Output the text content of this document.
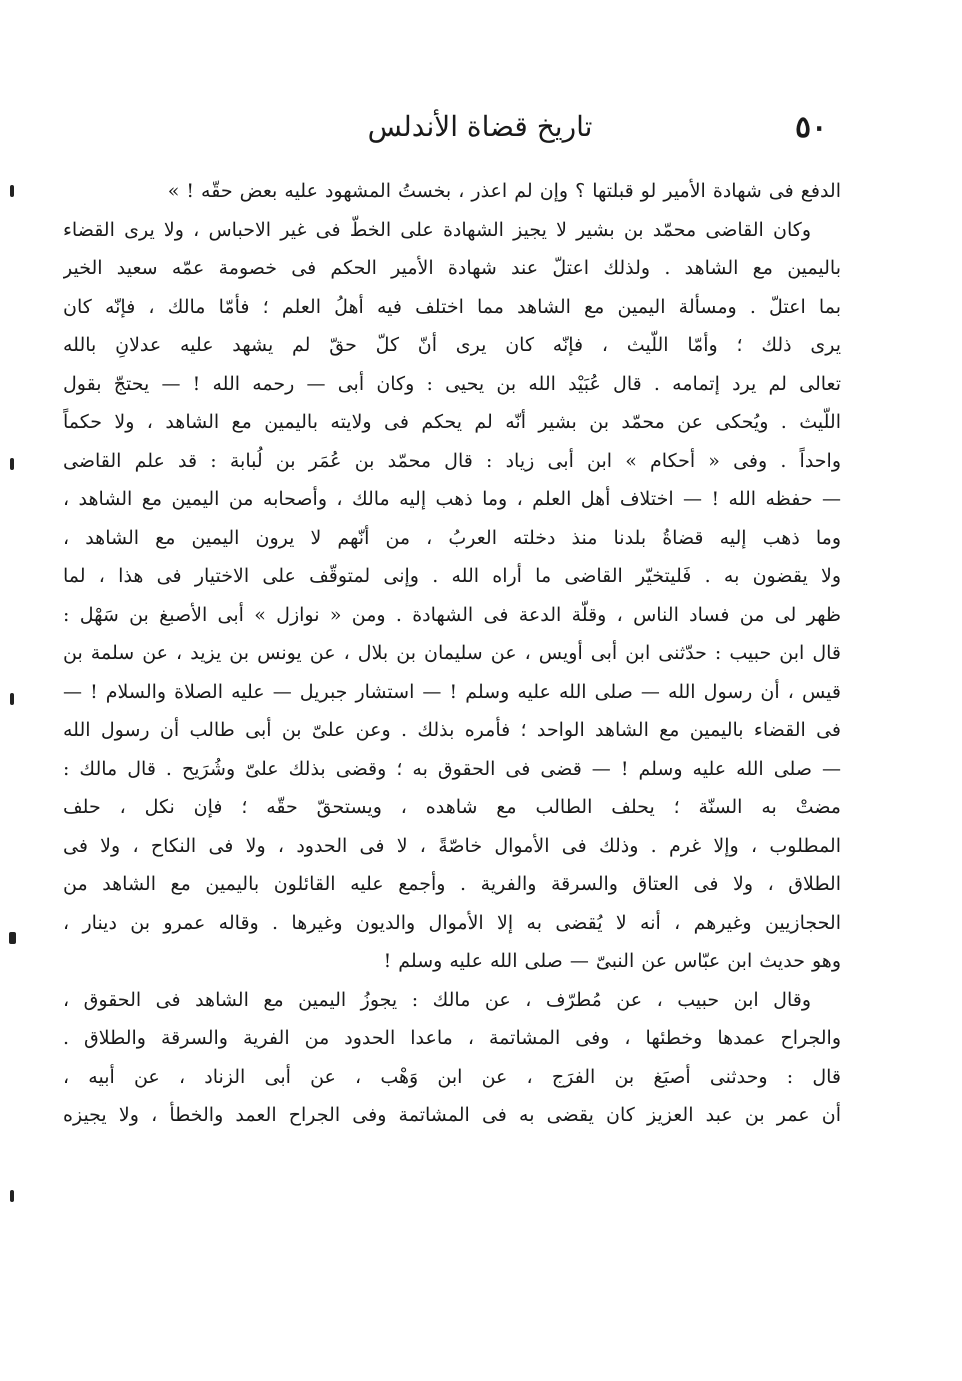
٥٠
تاريخ قضاة الأندلس
الدفع فى شهادة الأمير لو قبلتها ؟ وإن لم اعذر ، بخستُ المشهود عليه بعض حقّه ! »
وكان القاضى محمّد بن بشير لا يجيز الشهادة على الخطّ فى غير الاحباس ، ولا يرى القضاء
باليمين مع الشاهد . ولذلك اعتلّ عند شهادة الأمير الحكم فى خصومة عمّه سعيد الخير
بما اعتلّ . ومسألة اليمين مع الشاهد مما اختلف فيه أهلُ العلم ؛ فأمّا مالك ، فإنّه كان
يرى ذلك ؛ وأمّا اللّيث ، فإنّه كان يرى أنّ كلّ حقّ لم يشهد عليه عدلانِ بالله
تعالى لم يرد إتمامه . قال عُبَيْد الله بن يحيى : وكان أبى — رحمه الله ! — يحتجّ بقول
اللّيث . ويُحكى عن محمّد بن بشير أنّه لم يحكم فى ولايته باليمين مع الشاهد ، ولا حكماً
واحداً . وفى « أحكام » ابن أبى زياد : قال محمّد بن عُمَر بن لُبابة : قد علم القاضى
— حفظه الله ! — اختلاف أهل العلم ، وما ذهب إليه مالك ، وأصحابه من اليمين مع الشاهد ،
وما ذهب إليه قضاةُ بلدنا منذ دخلته العربُ ، من أنّهم لا يرون اليمين مع الشاهد ،
ولا يقضون به . فَليتخيّر القاضى ما أراه الله . وإنى لمتوقّف على الاختيار فى هذا ، لما
ظهر لى من فساد الناس ، وقلّة الدعة فى الشهادة . ومن « نوازل » أبى الأصبغ بن سَهْل :
قال ابن حبيب : حدّثنى ابن أبى أويس ، عن سليمان بن بلال ، عن يونس بن يزيد ، عن سلمة بن
قيس ، أن رسول الله — صلى الله عليه وسلم ! — استشار جبريل — عليه الصلاة والسلام ! —
فى القضاء باليمين مع الشاهد الواحد ؛ فأمره بذلك . وعن علىّ بن أبى طالب أن رسول الله
— صلى الله عليه وسلم ! — قضى فى الحقوق به ؛ وقضى بذلك علىّ وشُرَيح . قال مالك :
مضتْ به السنّة ؛ يحلف الطالب مع شاهده ، ويستحقّ حقّه ؛ فإن نكل ، حلف
المطلوب ، وإلا غرم . وذلك فى الأموال خاصّةً ، لا فى الحدود ، ولا فى النكاح ، ولا فى
الطلاق ، ولا فى العتاق والسرقة والفرية . وأجمع عليه القائلون باليمين مع الشاهد من
الحجازيين وغيرهم ، أنه لا يُقضى به إلا الأموال والديون وغيرها . وقاله عمرو بن دينار ،
وهو حديث ابن عبّاس عن النبىّ — صلى الله عليه وسلم !
وقال ابن حبيب ، عن مُطرّف ، عن مالك : يجوزُ اليمين مع الشاهد فى الحقوق ،
والجراح عمدها وخطئها ، وفى المشاتمة ، ماعدا الحدود من الفرية والسرقة والطلاق .
قال : وحدثنى أصبَغ بن الفرَج ، عن ابن وَهْب ، عن أبى الزناد ، عن أبيه ،
أن عمر بن عبد العزيز كان يقضى به فى المشاتمة وفى الجراح العمد والخطأ ، ولا يجيزه
